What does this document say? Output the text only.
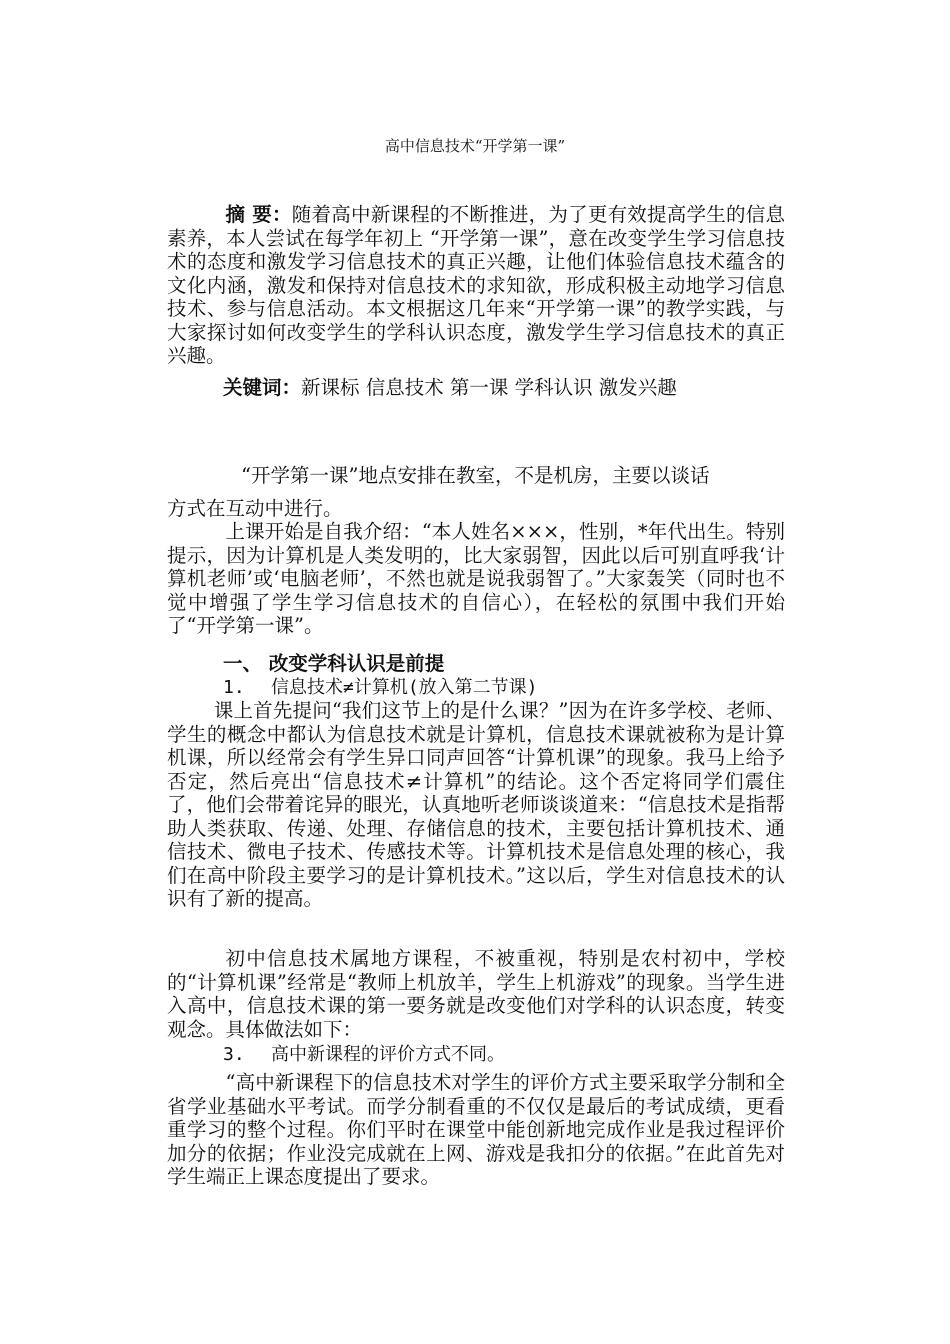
高中信息技术“开学第一课”

摘 要：随着高中新课程的不断推进，为了更有效提高学生的信息素养，本人尝试在每学年初上 “开学第一课”，意在改变学生学习信息技术的态度和激发学习信息技术的真正兴趣，让他们体验信息技术蕴含的文化内涵，激发和保持对信息技术的求知欲，形成积极主动地学习信息技术、参与信息活动。本文根据这几年来“开学第一课”的教学实践，与大家探讨如何改变学生的学科认识态度，激发学生学习信息技术的真正兴趣。

关键词：新课标 信息技术 第一课 学科认识 激发兴趣
“开学第一课”地点安排在教室，不是机房，主要以谈话
方式在互动中进行。

上课开始是自我介绍：“本人姓名×××，性别，*年代出生。特别提示，因为计算机是人类发明的，比大家弱智，因此以后可别直呼我‘计算机老师’或‘电脑老师’，不然也就是说我弱智了。”大家轰笑（同时也不觉中增强了学生学习信息技术的自信心），在轻松的氛围中我们开始了“开学第一课”。

一、 改变学科认识是前提
1. 信息技术≠计算机(放入第二节课)

课上首先提问“我们这节上的是什么课？”因为在许多学校、老师、学生的概念中都认为信息技术就是计算机，信息技术课就被称为是计算机课，所以经常会有学生异口同声回答“计算机课”的现象。我马上给予否定，然后亮出“信息技术≠计算机”的结论。这个否定将同学们震住了，他们会带着诧异的眼光，认真地听老师谈谈道来：“信息技术是指帮助人类获取、传递、处理、存储信息的技术，主要包括计算机技术、通信技术、微电子技术、传感技术等。计算机技术是信息处理的核心，我们在高中阶段主要学习的是计算机技术。”这以后，学生对信息技术的认识有了新的提高。

初中信息技术属地方课程，不被重视，特别是农村初中，学校的“计算机课”经常是“教师上机放羊，学生上机游戏”的现象。当学生进入高中，信息技术课的第一要务就是改变他们对学科的认识态度，转变观念。具体做法如下：

3. 高中新课程的评价方式不同。

“高中新课程下的信息技术对学生的评价方式主要采取学分制和全省学业基础水平考试。而学分制看重的不仅仅是最后的考试成绩，更看重学习的整个过程。你们平时在课堂中能创新地完成作业是我过程评价加分的依据；作业没完成就在上网、游戏是我扣分的依据。”在此首先对学生端正上课态度提出了要求。
